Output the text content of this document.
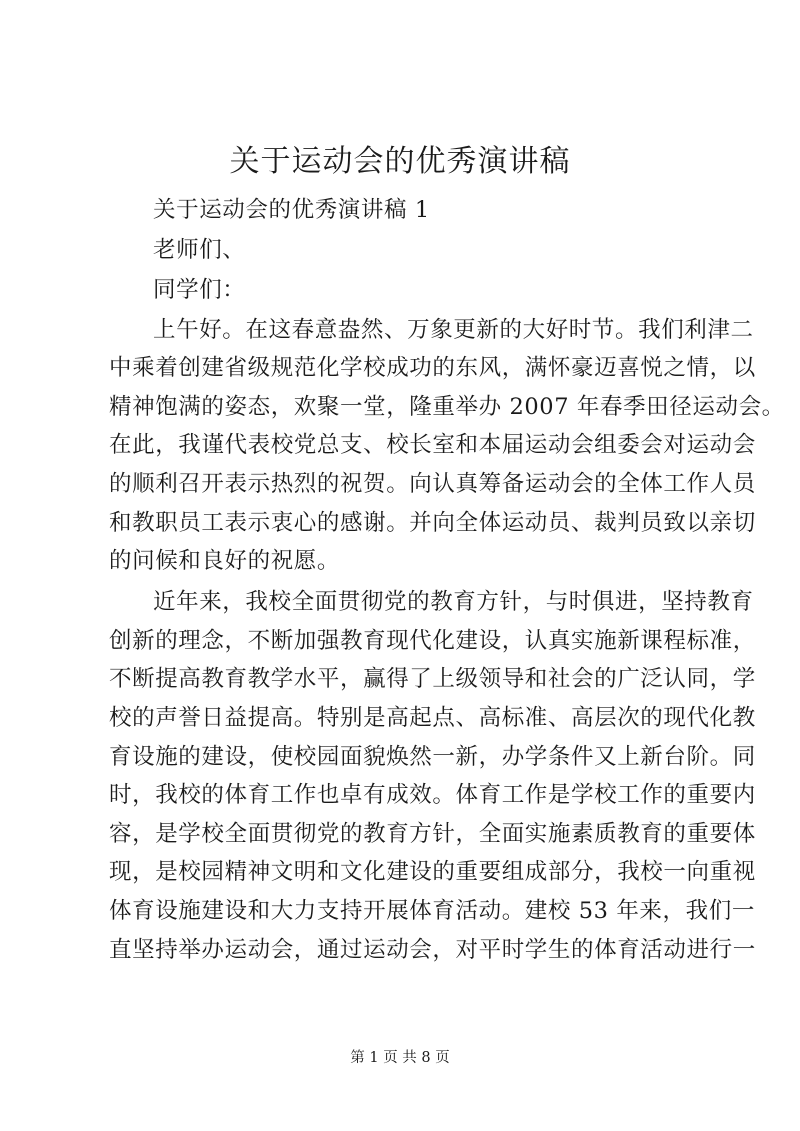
关于运动会的优秀演讲稿
关于运动会的优秀演讲稿 1
老师们、
同学们：
上午好。在这春意盎然、万象更新的大好时节。我们利津二
中乘着创建省级规范化学校成功的东风，满怀豪迈喜悦之情，以
精神饱满的姿态，欢聚一堂，隆重举办 2007 年春季田径运动会。
在此，我谨代表校党总支、校长室和本届运动会组委会对运动会
的顺利召开表示热烈的祝贺。向认真筹备运动会的全体工作人员
和教职员工表示衷心的感谢。并向全体运动员、裁判员致以亲切
的问候和良好的祝愿。
近年来，我校全面贯彻党的教育方针，与时俱进，坚持教育
创新的理念，不断加强教育现代化建设，认真实施新课程标准，
不断提高教育教学水平，赢得了上级领导和社会的广泛认同，学
校的声誉日益提高。特别是高起点、高标准、高层次的现代化教
育设施的建设，使校园面貌焕然一新，办学条件又上新台阶。同
时，我校的体育工作也卓有成效。体育工作是学校工作的重要内
容，是学校全面贯彻党的教育方针，全面实施素质教育的重要体
现，是校园精神文明和文化建设的重要组成部分，我校一向重视
体育设施建设和大力支持开展体育活动。建校 53 年来，我们一
直坚持举办运动会，通过运动会，对平时学生的体育活动进行一
第 1 页 共 8 页
